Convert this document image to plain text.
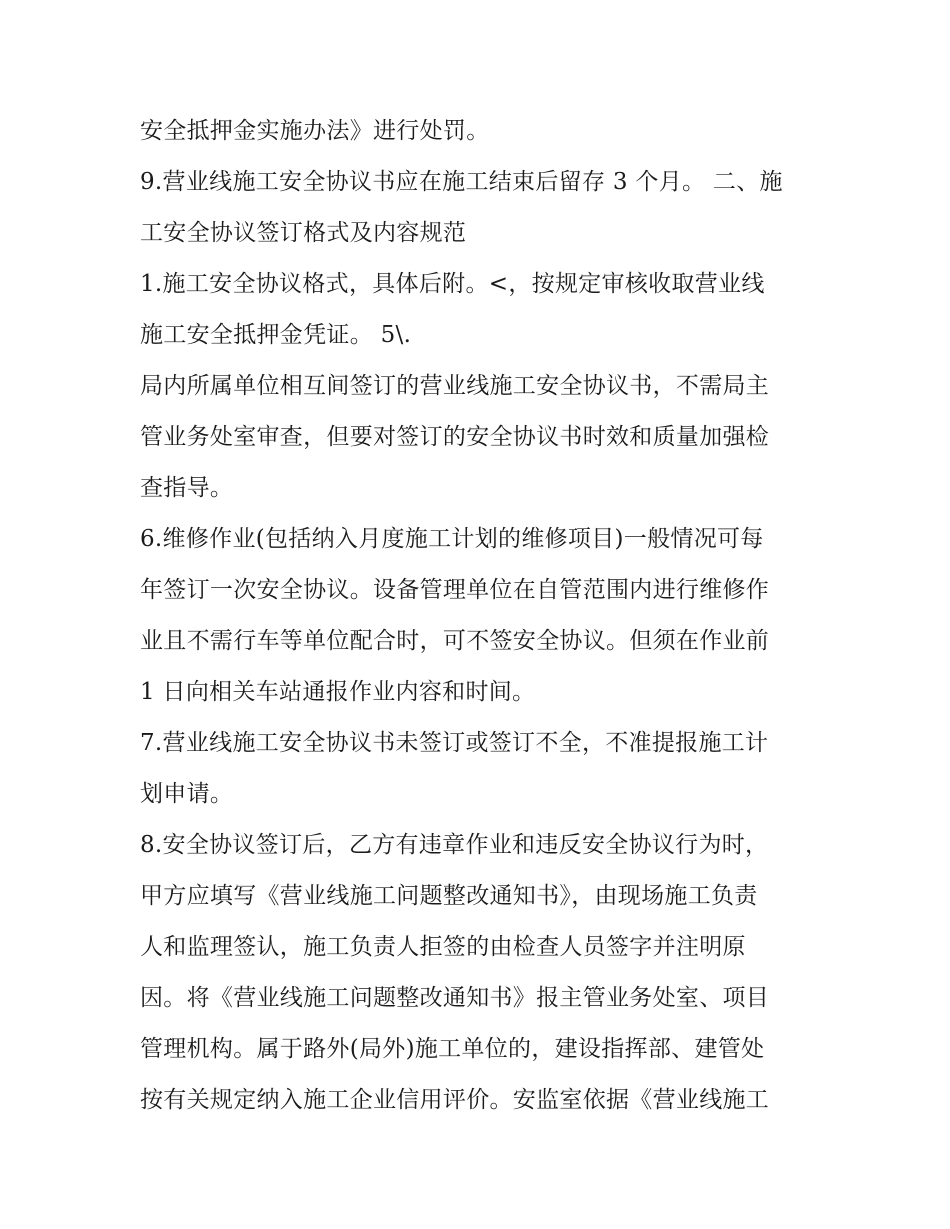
安全抵押金实施办法》进行处罚。
9.营业线施工安全协议书应在施工结束后留存 3 个月。 二、施
工安全协议签订格式及内容规范
1.施工安全协议格式，具体后附。<，按规定审核收取营业线
施工安全抵押金凭证。 5\.
局内所属单位相互间签订的营业线施工安全协议书，不需局主
管业务处室审查，但要对签订的安全协议书时效和质量加强检
查指导。
6.维修作业(包括纳入月度施工计划的维修项目)一般情况可每
年签订一次安全协议。设备管理单位在自管范围内进行维修作
业且不需行车等单位配合时，可不签安全协议。但须在作业前
1 日向相关车站通报作业内容和时间。
7.营业线施工安全协议书未签订或签订不全，不准提报施工计
划申请。
8.安全协议签订后，乙方有违章作业和违反安全协议行为时，
甲方应填写《营业线施工问题整改通知书》，由现场施工负责
人和监理签认，施工负责人拒签的由检查人员签字并注明原
因。将《营业线施工问题整改通知书》报主管业务处室、项目
管理机构。属于路外(局外)施工单位的，建设指挥部、建管处
按有关规定纳入施工企业信用评价。安监室依据《营业线施工
